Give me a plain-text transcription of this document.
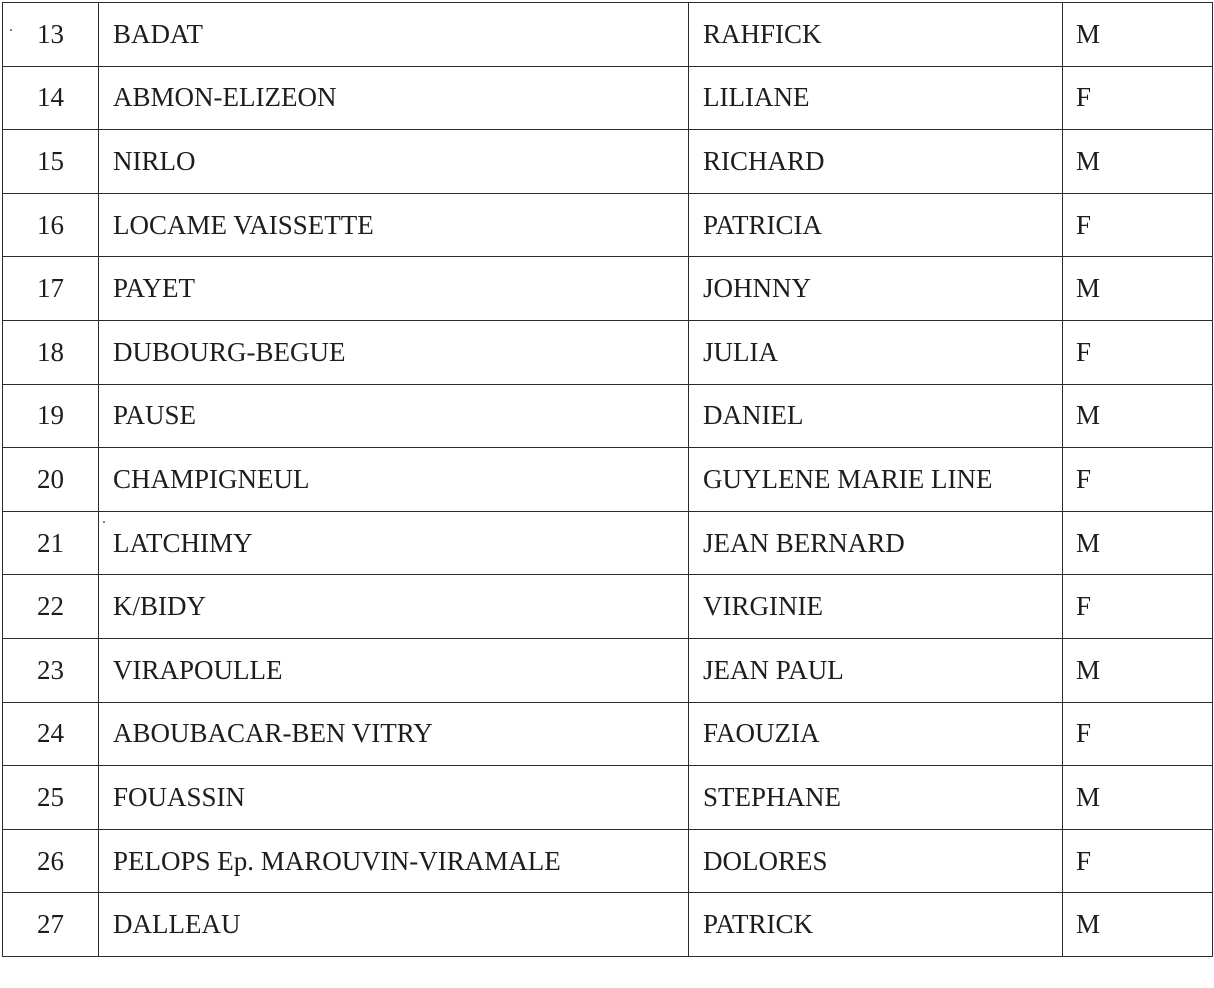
13	BADAT	RAHFICK	M
14	ABMON-ELIZEON	LILIANE	F
15	NIRLO	RICHARD	M
16	LOCAME VAISSETTE	PATRICIA	F
17	PAYET	JOHNNY	M
18	DUBOURG-BEGUE	JULIA	F
19	PAUSE	DANIEL	M
20	CHAMPIGNEUL	GUYLENE MARIE LINE	F
21	LATCHIMY	JEAN BERNARD	M
22	K/BIDY	VIRGINIE	F
23	VIRAPOULLE	JEAN PAUL	M
24	ABOUBACAR-BEN VITRY	FAOUZIA	F
25	FOUASSIN	STEPHANE	M
26	PELOPS Ep. MAROUVIN-VIRAMALE	DOLORES	F
27	DALLEAU	PATRICK	M
